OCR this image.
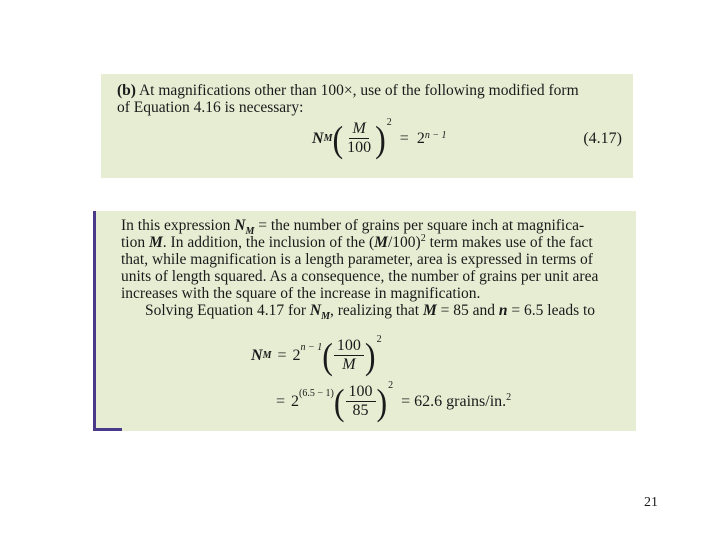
(b) At magnifications other than 100×, use of the following modified form
of Equation 4.16 is necessary:
N M ( $\frac{M}{100}$ ) 2
= $2^{n - 1}$	(4.17)
In this expression $N_M$ = the number of grains per square inch at magnifica-
tion M. In addition, the inclusion of the $(M/100)^2$ term makes use of the fact
that, while magnification is a length parameter, area is expressed in terms of
units of length squared. As a consequence, the number of grains per unit area
increases with the square of the increase in magnification.
Solving Equation 4.17 for $N_M$, realizing that M = 85 and n = 6.5 leads to
N $M = 2^{n - 1}$ ( $\frac{100}{M}$ ) 2
= $2^{(6.5 - 1)}$ ( $\frac{100}{85}$ ) 2
= 62.6 grains/in.$^2$
21
